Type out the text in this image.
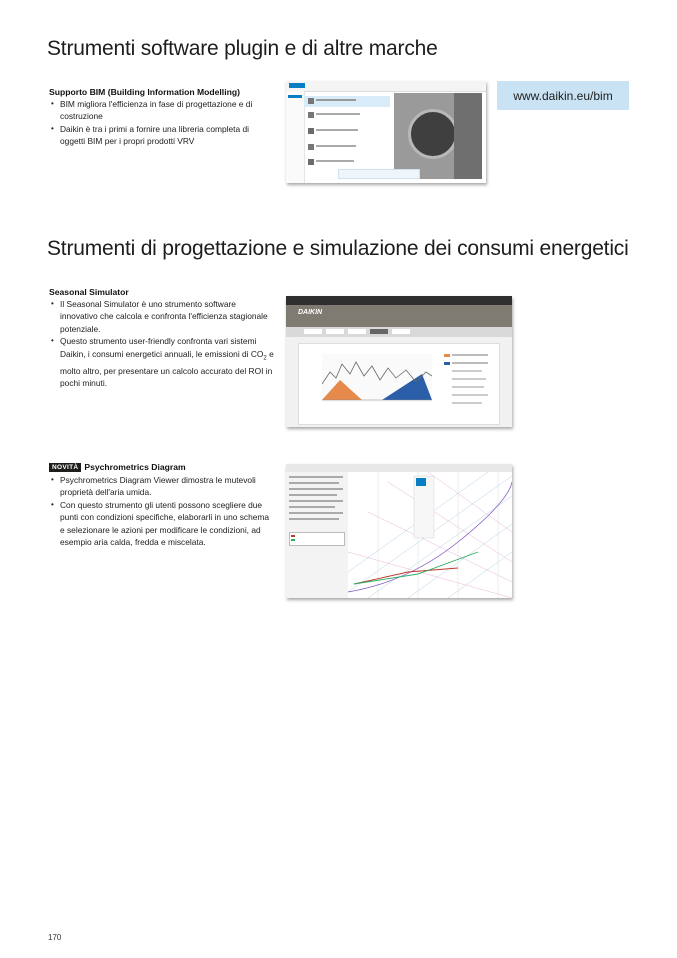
Strumenti software plugin e di altre marche
Supporto BIM (Building Information Modelling)
• BIM migliora l'efficienza in fase di progettazione e di costruzione
• Daikin è tra i primi a fornire una libreria completa di oggetti BIM per i propri prodotti VRV
www.daikin.eu/bim
Strumenti di progettazione e simulazione dei consumi energetici
Seasonal Simulator
• Il Seasonal Simulator è uno strumento software innovativo che calcola e confronta l'efficienza stagionale potenziale.
• Questo strumento user-friendly confronta vari sistemi Daikin, i consumi energetici annuali, le emissioni di $CO_2$ e molto altro, per presentare un calcolo accurato del ROI in pochi minuti.
DAIKIN
NOVITÀ Psychrometrics Diagram
• Psychrometrics Diagram Viewer dimostra le mutevoli proprietà dell'aria umida.
• Con questo strumento gli utenti possono scegliere due punti con condizioni specifiche, elaborarli in uno schema e selezionare le azioni per modificare le condizioni, ad esempio aria calda, fredda e miscelata.
170
